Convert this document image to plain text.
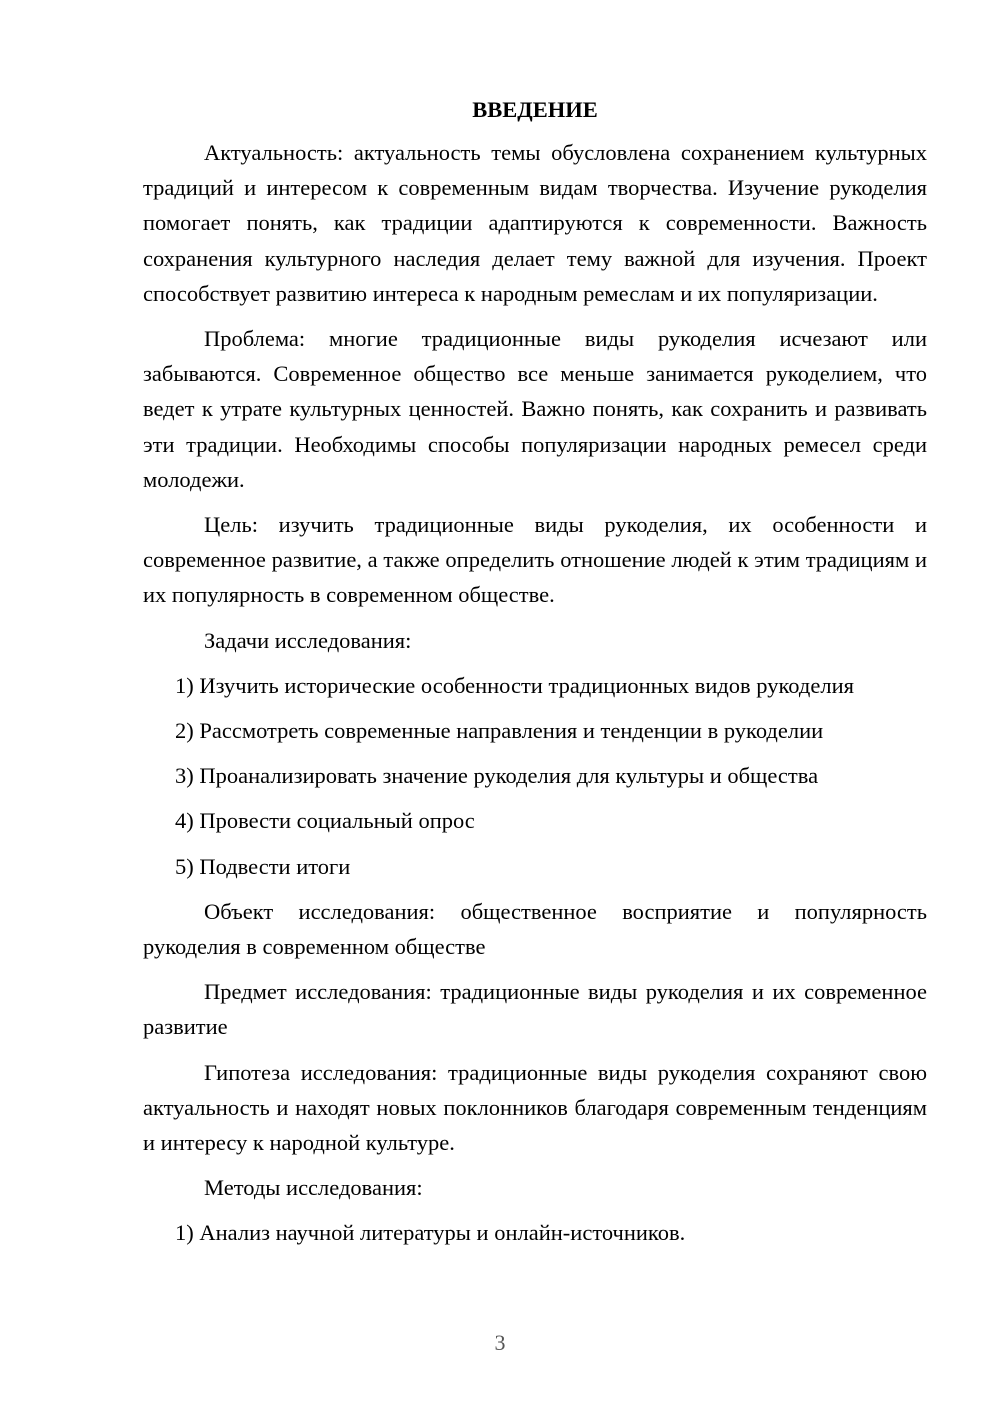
ВВЕДЕНИЕ

Актуальность: актуальность темы обусловлена сохранением культурных традиций и интересом к современным видам творчества. Изучение рукоделия помогает понять, как традиции адаптируются к современности. Важность сохранения культурного наследия делает тему важной для изучения. Проект способствует развитию интереса к народным ремеслам и их популяризации.

Проблема: многие традиционные виды рукоделия исчезают или забываются. Современное общество все меньше занимается рукоделием, что ведет к утрате культурных ценностей. Важно понять, как сохранить и развивать эти традиции. Необходимы способы популяризации народных ремесел среди молодежи.

Цель: изучить традиционные виды рукоделия, их особенности и современное развитие, а также определить отношение людей к этим традициям и их популярность в современном обществе.

Задачи исследования:
1) Изучить исторические особенности традиционных видов рукоделия
2) Рассмотреть современные направления и тенденции в рукоделии
3) Проанализировать значение рукоделия для культуры и общества
4) Провести социальный опрос
5) Подвести итоги

Объект исследования: общественное восприятие и популярность рукоделия в современном обществе

Предмет исследования: традиционные виды рукоделия и их современное развитие

Гипотеза исследования: традиционные виды рукоделия сохраняют свою актуальность и находят новых поклонников благодаря современным тенденциям и интересу к народной культуре.

Методы исследования:
1) Анализ научной литературы и онлайн-источников.
3
